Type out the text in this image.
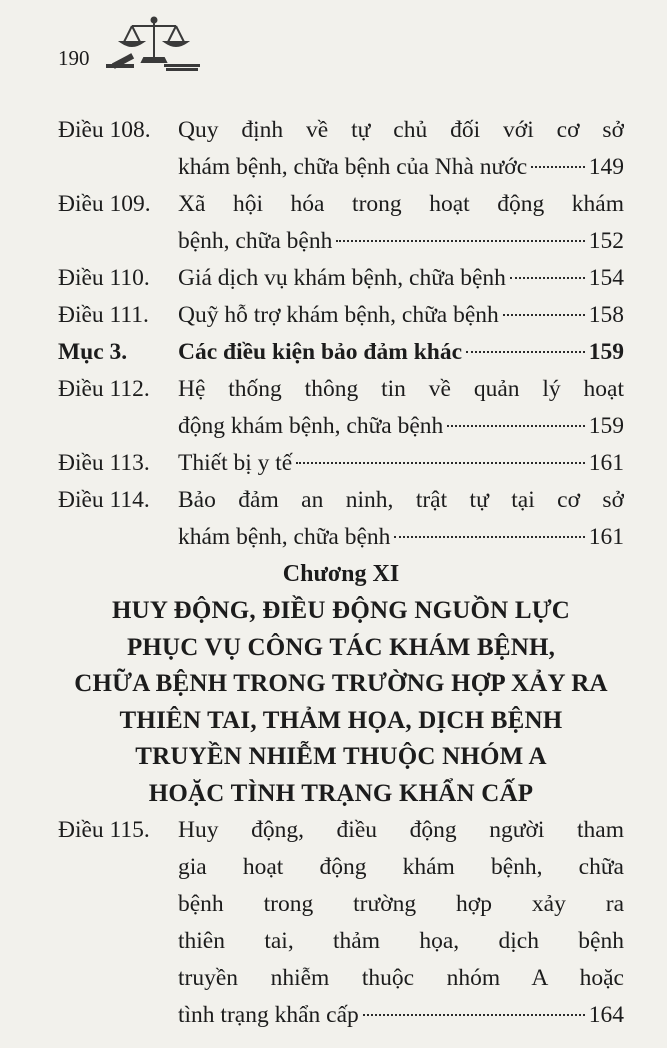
190
Điều 108.	Quy định về tự chủ đối với cơ sở
khám bệnh, chữa bệnh của Nhà nước	149
Điều 109.	Xã hội hóa trong hoạt động khám
bệnh, chữa bệnh	152
Điều 110.	Giá dịch vụ khám bệnh, chữa bệnh	154
Điều 111.	Quỹ hỗ trợ khám bệnh, chữa bệnh	158
Mục 3.	Các điều kiện bảo đảm khác	159
Điều 112.	Hệ thống thông tin về quản lý hoạt
động khám bệnh, chữa bệnh	159
Điều 113.	Thiết bị y tế	161
Điều 114.	Bảo đảm an ninh, trật tự tại cơ sở
khám bệnh, chữa bệnh	161
Chương XI
HUY ĐỘNG, ĐIỀU ĐỘNG NGUỒN LỰC
PHỤC VỤ CÔNG TÁC KHÁM BỆNH,
CHỮA BỆNH TRONG TRƯỜNG HỢP XẢY RA
THIÊN TAI, THẢM HỌA, DỊCH BỆNH
TRUYỀN NHIỄM THUỘC NHÓM A
HOẶC TÌNH TRẠNG KHẨN CẤP
Điều 115.	Huy động, điều động người tham
gia hoạt động khám bệnh, chữa
bệnh trong trường hợp xảy ra
thiên tai, thảm họa, dịch bệnh
truyền nhiễm thuộc nhóm A hoặc
tình trạng khẩn cấp	164
